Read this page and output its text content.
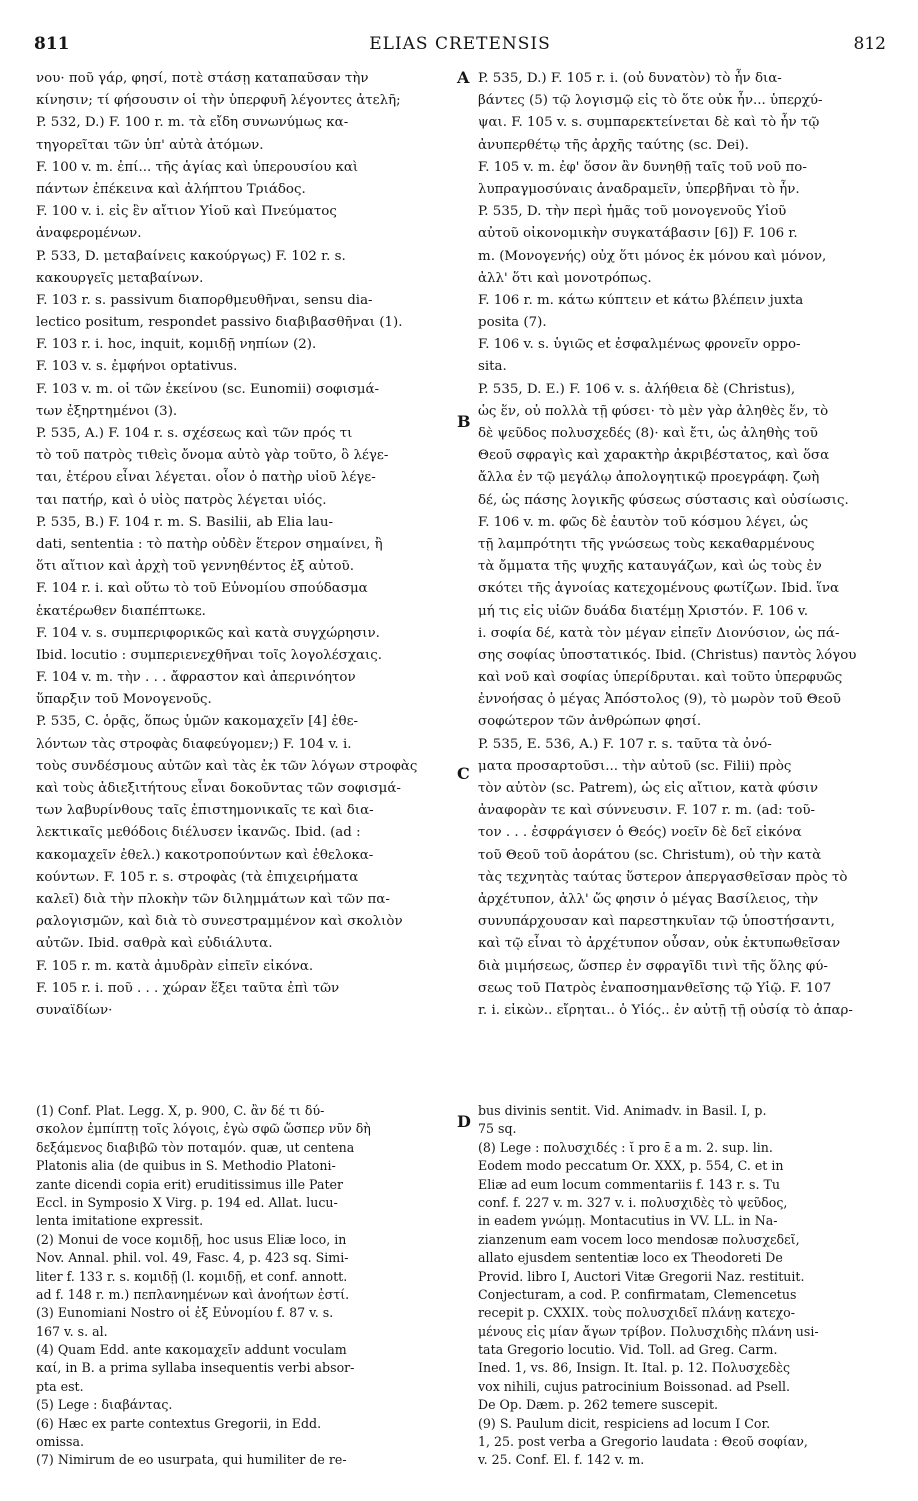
811	ELIAS CRETENSIS	812
νου· ποῦ γάρ, φησί, ποτὲ στάσῃ καταπαῦσαν τὴν
κίνησιν; τί φήσουσιν οἱ τὴν ὑπερφυῆ λέγοντες ἀτελῆ;
P. 532, D.) F. 100 r. m. τὰ εἴδη συνωνύμως κα-
τηγορεῖται τῶν ὑπ' αὐτὰ ἀτόμων.
F. 100 v. m. ἐπί... τῆς ἁγίας καὶ ὑπερουσίου καὶ
πάντων ἐπέκεινα καὶ ἀλήπτου Τριάδος.
F. 100 v. i. εἰς ἓν αἴτιον Υἱοῦ καὶ Πνεύματος
ἀναφερομένων.
P. 533, D. μεταβαίνεις κακούργως) F. 102 r. s.
κακουργεῖς μεταβαίνων.
F. 103 r. s. passivum διαπορθμευθῆναι, sensu dia-
lectico positum, respondet passivo διαβιβασθῆναι (1).
F. 103 r. i. hoc, inquit, κομιδῇ νηπίων (2).
F. 103 v. s. ἐμφήνοι optativus.
F. 103 v. m. οἱ τῶν ἐκείνου (sc. Eunomii) σοφισμά-
των ἐξηρτημένοι (3).
P. 535, A.) F. 104 r. s. σχέσεως καὶ τῶν πρός τι
τὸ τοῦ πατρὸς τιθεὶς ὄνομα αὐτὸ γὰρ τοῦτο, ὃ λέγε-
ται, ἑτέρου εἶναι λέγεται. οἷον ὁ πατὴρ υἱοῦ λέγε-
ται πατήρ, καὶ ὁ υἱὸς πατρὸς λέγεται υἱός.
P. 535, B.) F. 104 r. m. S. Basilii, ab Elia lau-
dati, sententia : τὸ πατὴρ οὐδὲν ἕτερον σημαίνει, ἢ
ὅτι αἴτιον καὶ ἀρχὴ τοῦ γεννηθέντος ἐξ αὐτοῦ.
F. 104 r. i. καὶ οὕτω τὸ τοῦ Εὐνομίου σπούδασμα
ἑκατέρωθεν διαπέπτωκε.
F. 104 v. s. συμπεριφορικῶς καὶ κατὰ συγχώρησιν.
Ibid. locutio : συμπεριενεχθῆναι τοῖς λογολέσχαις.
F. 104 v. m. τὴν . . . ἄφραστον καὶ ἀπερινόητον
ὕπαρξιν τοῦ Μονογενοῦς.
P. 535, C. ὁρᾷς, ὅπως ὑμῶν κακομαχεῖν [4] ἐθε-
λόντων τὰς στροφὰς διαφεύγομεν;) F. 104 v. i.
τοὺς συνδέσμους αὐτῶν καὶ τὰς ἐκ τῶν λόγων στροφὰς
καὶ τοὺς ἀδιεξιτήτους εἶναι δοκοῦντας τῶν σοφισμά-
των λαβυρίνθους ταῖς ἐπιστημονικαῖς τε καὶ δια-
λεκτικαῖς μεθόδοις διέλυσεν ἱκανῶς. Ibid. (ad :
κακομαχεῖν ἐθελ.) κακοτροπούντων καὶ ἐθελοκα-
κούντων. F. 105 r. s. στροφὰς (τὰ ἐπιχειρήματα
καλεῖ) διὰ τὴν πλοκὴν τῶν διλημμάτων καὶ τῶν πα-
ραλογισμῶν, καὶ διὰ τὸ συνεστραμμένον καὶ σκολιὸν
αὐτῶν. Ibid. σαθρὰ καὶ εὐδιάλυτα.
F. 105 r. m. κατὰ ἀμυδρὰν εἰπεῖν εἰκόνα.
F. 105 r. i. ποῦ . . . χώραν ἕξει ταῦτα ἐπὶ τῶν
συναϊδίων·
P. 535, D.) F. 105 r. i. (οὐ δυνατὸν) τὸ ἦν δια-
βάντες (5) τῷ λογισμῷ εἰς τὸ ὅτε οὐκ ἦν... ὑπερχύ-
ψαι. F. 105 v. s. συμπαρεκτείνεται δὲ καὶ τὸ ἦν τῷ
ἀνυπερθέτῳ τῆς ἀρχῆς ταύτης (sc. Dei).
F. 105 v. m. ἐφ' ὅσον ἂν δυνηθῇ ταῖς τοῦ νοῦ πο-
λυπραγμοσύναις ἀναδραμεῖν, ὑπερβῆναι τὸ ἦν.
P. 535, D. τὴν περὶ ἡμᾶς τοῦ μονογενοῦς Υἱοῦ
αὐτοῦ οἰκονομικὴν συγκατάβασιν [6]) F. 106 r.
m. (Μονογενής) οὐχ ὅτι μόνος ἐκ μόνου καὶ μόνον,
ἀλλ' ὅτι καὶ μονοτρόπως.
F. 106 r. m. κάτω κύπτειν et κάτω βλέπειν juxta
posita (7).
F. 106 v. s. ὑγιῶς et ἐσφαλμένως φρονεῖν oppo-
sita.
P. 535, D. E.) F. 106 v. s. ἀλήθεια δὲ (Christus),
ὡς ἕν, οὐ πολλὰ τῇ φύσει· τὸ μὲν γὰρ ἀληθὲς ἕν, τὸ
δὲ ψεῦδος πολυσχεδές (8)· καὶ ἔτι, ὡς ἀληθὴς τοῦ
Θεοῦ σφραγὶς καὶ χαρακτὴρ ἀκριβέστατος, καὶ ὅσα
ἄλλα ἐν τῷ μεγάλῳ ἀπολογητικῷ προεγράφη. ζωὴ
δέ, ὡς πάσης λογικῆς φύσεως σύστασις καὶ οὐσίωσις.
F. 106 v. m. φῶς δὲ ἑαυτὸν τοῦ κόσμου λέγει, ὡς
τῇ λαμπρότητι τῆς γνώσεως τοὺς κεκαθαρμένους
τὰ ὄμματα τῆς ψυχῆς καταυγάζων, καὶ ὡς τοὺς ἐν
σκότει τῆς ἀγνοίας κατεχομένους φωτίζων. Ibid. ἵνα
μή τις εἰς υἱῶν δυάδα διατέμῃ Χριστόν. F. 106 v.
i. σοφία δέ, κατὰ τὸν μέγαν εἰπεῖν Διονύσιον, ὡς πά-
σης σοφίας ὑποστατικός. Ibid. (Christus) παντὸς λόγου
καὶ νοῦ καὶ σοφίας ὑπερίδρυται. καὶ τοῦτο ὑπερφυῶς
ἐννοήσας ὁ μέγας Ἀπόστολος (9), τὸ μωρὸν τοῦ Θεοῦ
σοφώτερον τῶν ἀνθρώπων φησί.
P. 535, E. 536, A.) F. 107 r. s. ταῦτα τὰ ὀνό-
ματα προσαρτοῦσι... τὴν αὐτοῦ (sc. Filii) πρὸς
τὸν αὐτὸν (sc. Patrem), ὡς εἰς αἴτιον, κατὰ φύσιν
ἀναφορὰν τε καὶ σύννευσιν. F. 107 r. m. (ad: τοῦ-
τον . . . ἐσφράγισεν ὁ Θεός) νοεῖν δὲ δεῖ εἰκόνα
τοῦ Θεοῦ τοῦ ἀοράτου (sc. Christum), οὐ τὴν κατὰ
τὰς τεχνητὰς ταύτας ὕστερον ἀπεργασθεῖσαν πρὸς τὸ
ἀρχέτυπον, ἀλλ' ὥς φησιν ὁ μέγας Βασίλειος, τὴν
συνυπάρχουσαν καὶ παρεστηκυῖαν τῷ ὑποστήσαντι,
καὶ τῷ εἶναι τὸ ἀρχέτυπον οὖσαν, οὐκ ἐκτυπωθεῖσαν
διὰ μιμήσεως, ὥσπερ ἐν σφραγῖδι τινὶ τῆς ὅλης φύ-
σεως τοῦ Πατρὸς ἐναποσημανθεῖσης τῷ Υἱῷ. F. 107
r. i. εἰκὼν.. εἴρηται.. ὁ Υἱός.. ἐν αὐτῇ τῇ οὐσίᾳ τὸ ἀπαρ-
A
B
C
D
(1) Conf. Plat. Legg. X, p. 900, C. ἂν δέ τι δύ-
σκολον ἐμπίπτῃ τοῖς λόγοις, ἐγὼ σφῶ ὥσπερ νῦν δὴ
δεξάμενος διαβιβῶ τὸν ποταμόν. quæ, ut centena
Platonis alia (de quibus in S. Methodio Platoni-
zante dicendi copia erit) eruditissimus ille Pater
Eccl. in Symposio X Virg. p. 194 ed. Allat. lucu-
lenta imitatione expressit.
(2) Monui de voce κομιδῇ, hoc usus Eliæ loco, in
Nov. Annal. phil. vol. 49, Fasc. 4, p. 423 sq. Simi-
liter f. 133 r. s. κομιδῇ (l. κομιδῇ, et conf. annott.
ad f. 148 r. m.) πεπλανημένων καὶ ἀνοήτων ἐστί.
(3) Eunomiani Nostro οἱ ἐξ Εὐνομίου f. 87 v. s.
167 v. s. al.
(4) Quam Edd. ante κακομαχεῖν addunt voculam
καί, in B. a prima syllaba insequentis verbi absor-
pta est.
(5) Lege : διαβάντας.
(6) Hæc ex parte contextus Gregorii, in Edd.
omissa.
(7) Nimirum de eo usurpata, qui humiliter de re-
bus divinis sentit. Vid. Animadv. in Basil. I, p.
75 sq.
(8) Lege : πολυσχιδές : ῐ pro ε̄ a m. 2. sup. lin.
Eodem modo peccatum Or. XXX, p. 554, C. et in
Eliæ ad eum locum commentariis f. 143 r. s. Tu
conf. f. 227 v. m. 327 v. i. πολυσχιδὲς τὸ ψεῦδος,
in eadem γνώμῃ. Montacutius in VV. LL. in Na-
zianzenum eam vocem loco mendosæ πολυσχεδεῖ,
allato ejusdem sententiæ loco ex Theodoreti De
Provid. libro I, Auctori Vitæ Gregorii Naz. restituit.
Conjecturam, a cod. P. confirmatam, Clemencetus
recepit p. CXXIX. τοὺς πολυσχιδεῖ πλάνῃ κατεχο-
μένους εἰς μίαν ἄγων τρίβον. Πολυσχιδὴς πλάνη usi-
tata Gregorio locutio. Vid. Toll. ad Greg. Carm.
Ined. 1, vs. 86, Insign. It. Ital. p. 12. Πολυσχεδὲς
vox nihili, cujus patrocinium Boissonad. ad Psell.
De Op. Dæm. p. 262 temere suscepit.
(9) S. Paulum dicit, respiciens ad locum I Cor.
1, 25. post verba a Gregorio laudata : Θεοῦ σοφίαν,
v. 25. Conf. El. f. 142 v. m.
